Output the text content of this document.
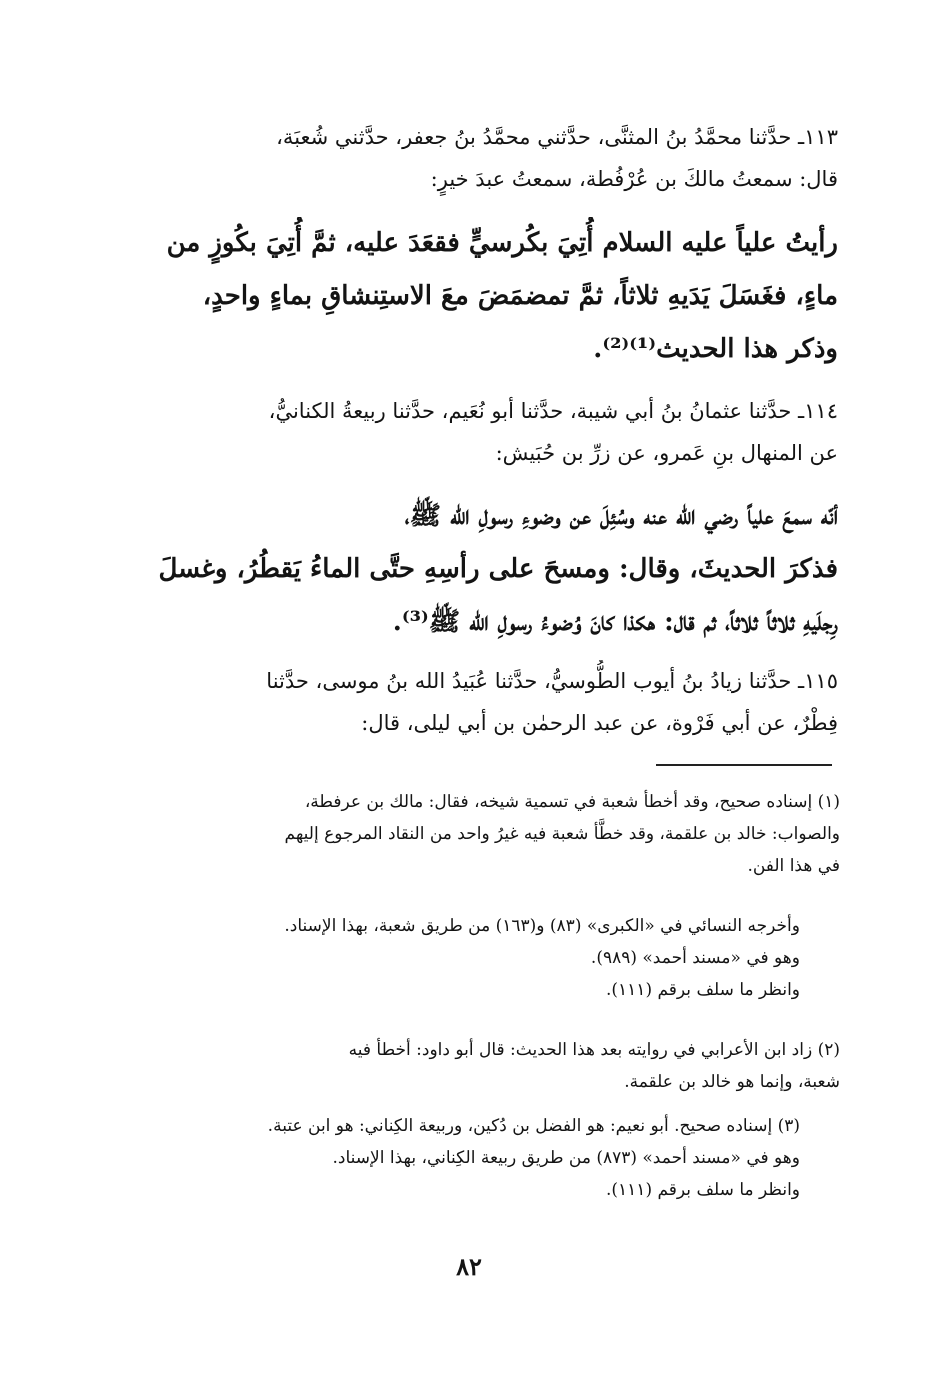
١١٣ـ حدَّثنا محمَّدُ بنُ المثنَّى، حدَّثني محمَّدُ بنُ جعفر، حدَّثني شُعبَة،
قال: سمعتُ مالكَ بن عُرْفُطة، سمعتُ عبدَ خيرٍ:
رأيتُ علياً عليه السلام أُتِيَ بكُرسيٍّ فقعَدَ عليه، ثمَّ أُتِيَ بكُوزٍ من
ماءٍ، فغَسَلَ يَدَيهِ ثلاثاً، ثمَّ تمضمَضَ معَ الاستِنشاقِ بماءٍ واحدٍ،
وذكر هذا الحديث⁽¹⁾⁽²⁾.
١١٤ـ حدَّثنا عثمانُ بنُ أبي شيبة، حدَّثنا أبو نُعَيم، حدَّثنا ربيعةُ الكنانيُّ،
عن المنهال بنِ عَمرو، عن زرِّ بن حُبَيش:
أنّه سمعَ علياً رضي الله عنه وسُئِلَ عن وضوءِ رسولِ الله ﷺ،
فذكرَ الحديثَ، وقال: ومسحَ على رأسِهِ حتَّى الماءُ يَقطُرُ، وغسلَ
رِجلَيهِ ثلاثاً ثلاثاً، ثم قال: هكذا كانَ وُضوءُ رسولِ الله ﷺ⁽³⁾.
١١٥ـ حدَّثنا زيادُ بنُ أيوب الطُّوسيُّ، حدَّثنا عُبَيدُ الله بنُ موسى، حدَّثنا
فِطْرٌ، عن أبي فَرْوة، عن عبد الرحمٰن بن أبي ليلى، قال:
(١) إسناده صحيح، وقد أخطأ شعبة في تسمية شيخه، فقال: مالك بن عرفطة،
والصواب: خالد بن علقمة، وقد خطَّأ شعبة فيه غيرُ واحد من النقاد المرجوع إليهم
في هذا الفن.
وأخرجه النسائي في «الكبرى» (٨٣) و(١٦٣) من طريق شعبة، بهذا الإسناد.
وهو في «مسند أحمد» (٩٨٩).
وانظر ما سلف برقم (١١١).
(٢) زاد ابن الأعرابي في روايته بعد هذا الحديث: قال أبو داود: أخطأ فيه
شعبة، وإنما هو خالد بن علقمة.
(٣) إسناده صحيح. أبو نعيم: هو الفضل بن دُكين، وربيعة الكِناني: هو ابن عتبة.
وهو في «مسند أحمد» (٨٧٣) من طريق ربيعة الكِناني، بهذا الإسناد.
وانظر ما سلف برقم (١١١).
٨٢
